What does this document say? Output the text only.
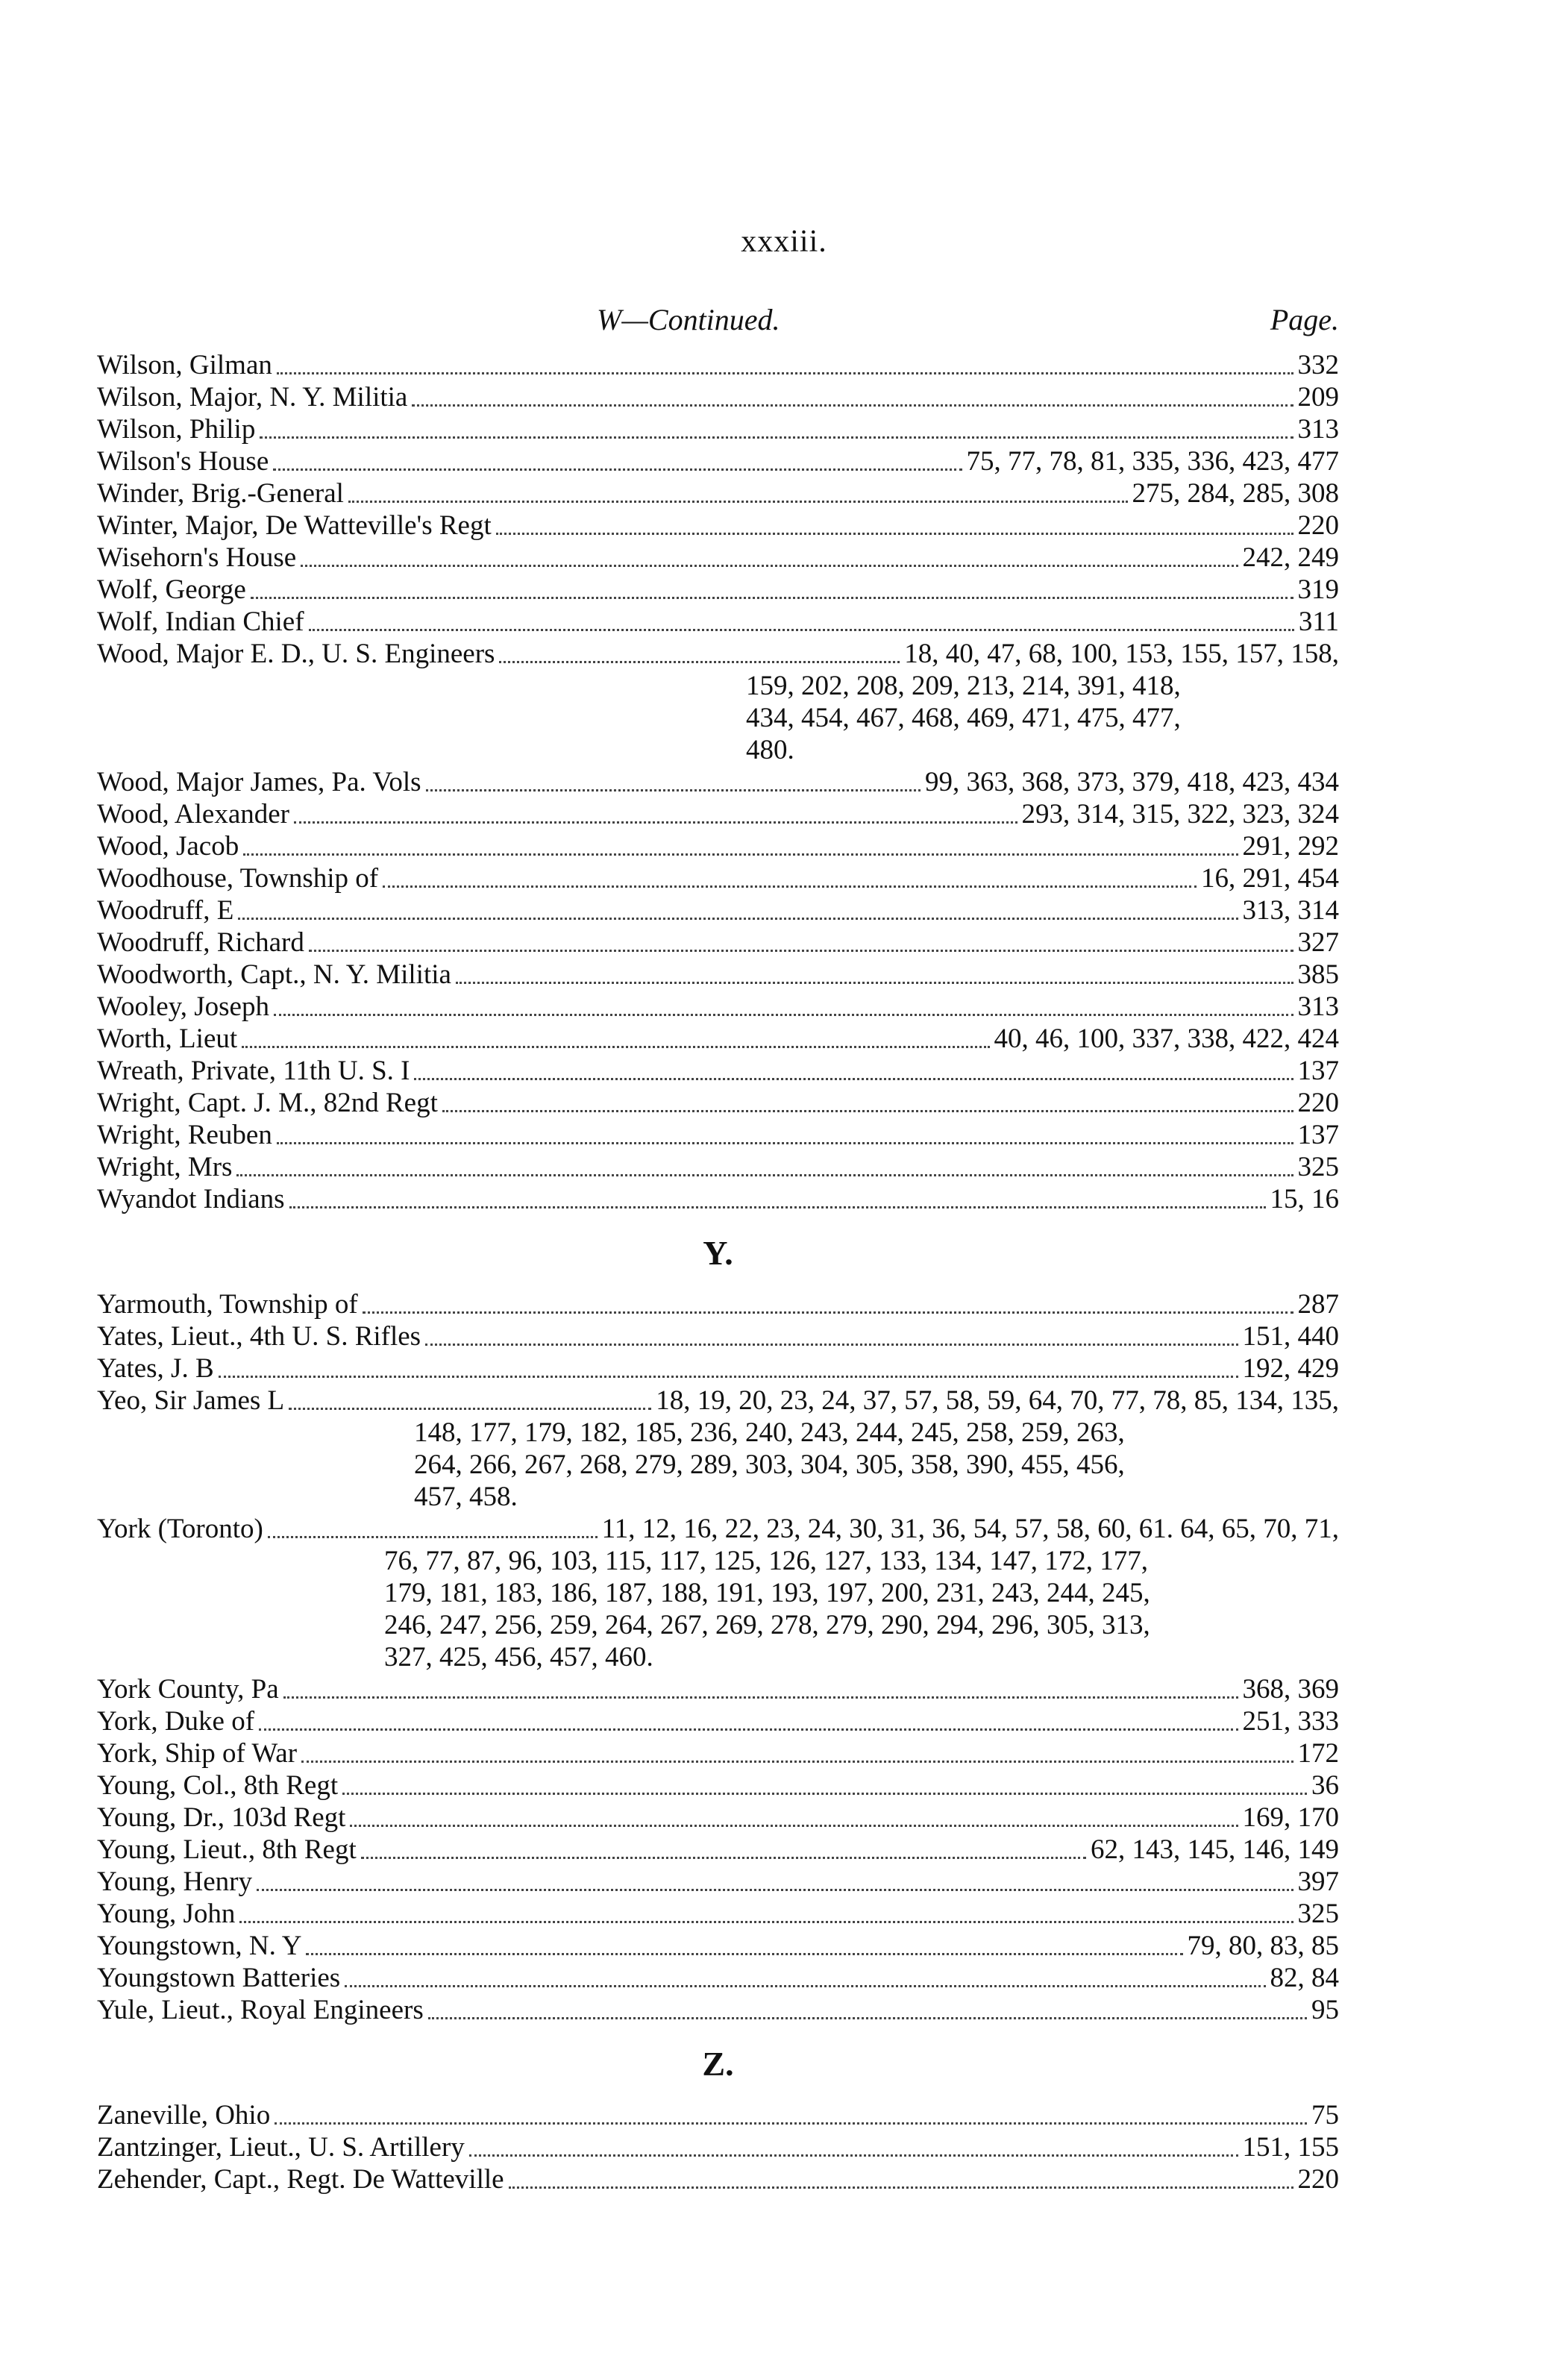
xxxiii.
W—Continued.	Page.
Wilson, Gilman	332
Wilson, Major, N. Y. Militia	209
Wilson, Philip	313
Wilson's House	75, 77, 78, 81, 335, 336, 423, 477
Winder, Brig.-General	275, 284, 285, 308
Winter, Major, De Watteville's Regt	220
Wisehorn's House	242, 249
Wolf, George	319
Wolf, Indian Chief	311
Wood, Major E. D., U. S. Engineers	18, 40, 47, 68, 100, 153, 155, 157, 158,
159, 202, 208, 209, 213, 214, 391, 418,
434, 454, 467, 468, 469, 471, 475, 477,
480.
Wood, Major James, Pa. Vols	99, 363, 368, 373, 379, 418, 423, 434
Wood, Alexander	293, 314, 315, 322, 323, 324
Wood, Jacob	291, 292
Woodhouse, Township of	16, 291, 454
Woodruff, E	313, 314
Woodruff, Richard	327
Woodworth, Capt., N. Y. Militia	385
Wooley, Joseph	313
Worth, Lieut	40, 46, 100, 337, 338, 422, 424
Wreath, Private, 11th U. S. I	137
Wright, Capt. J. M., 82nd Regt	220
Wright, Reuben	137
Wright, Mrs	325
Wyandot Indians	15, 16
Y.
Yarmouth, Township of	287
Yates, Lieut., 4th U. S. Rifles	151, 440
Yates, J. B	192, 429
Yeo, Sir James L	18, 19, 20, 23, 24, 37, 57, 58, 59, 64, 70, 77, 78, 85, 134, 135,
148, 177, 179, 182, 185, 236, 240, 243, 244, 245, 258, 259, 263,
264, 266, 267, 268, 279, 289, 303, 304, 305, 358, 390, 455, 456,
457, 458.
York (Toronto)	11, 12, 16, 22, 23, 24, 30, 31, 36, 54, 57, 58, 60, 61. 64, 65, 70, 71,
76, 77, 87, 96, 103, 115, 117, 125, 126, 127, 133, 134, 147, 172, 177,
179, 181, 183, 186, 187, 188, 191, 193, 197, 200, 231, 243, 244, 245,
246, 247, 256, 259, 264, 267, 269, 278, 279, 290, 294, 296, 305, 313,
327, 425, 456, 457, 460.
York County, Pa	368, 369
York, Duke of	251, 333
York, Ship of War	172
Young, Col., 8th Regt	36
Young, Dr., 103d Regt	169, 170
Young, Lieut., 8th Regt	62, 143, 145, 146, 149
Young, Henry	397
Young, John	325
Youngstown, N. Y	79, 80, 83, 85
Youngstown Batteries	82, 84
Yule, Lieut., Royal Engineers	95
Z.
Zaneville, Ohio	75
Zantzinger, Lieut., U. S. Artillery	151, 155
Zehender, Capt., Regt. De Watteville	220
